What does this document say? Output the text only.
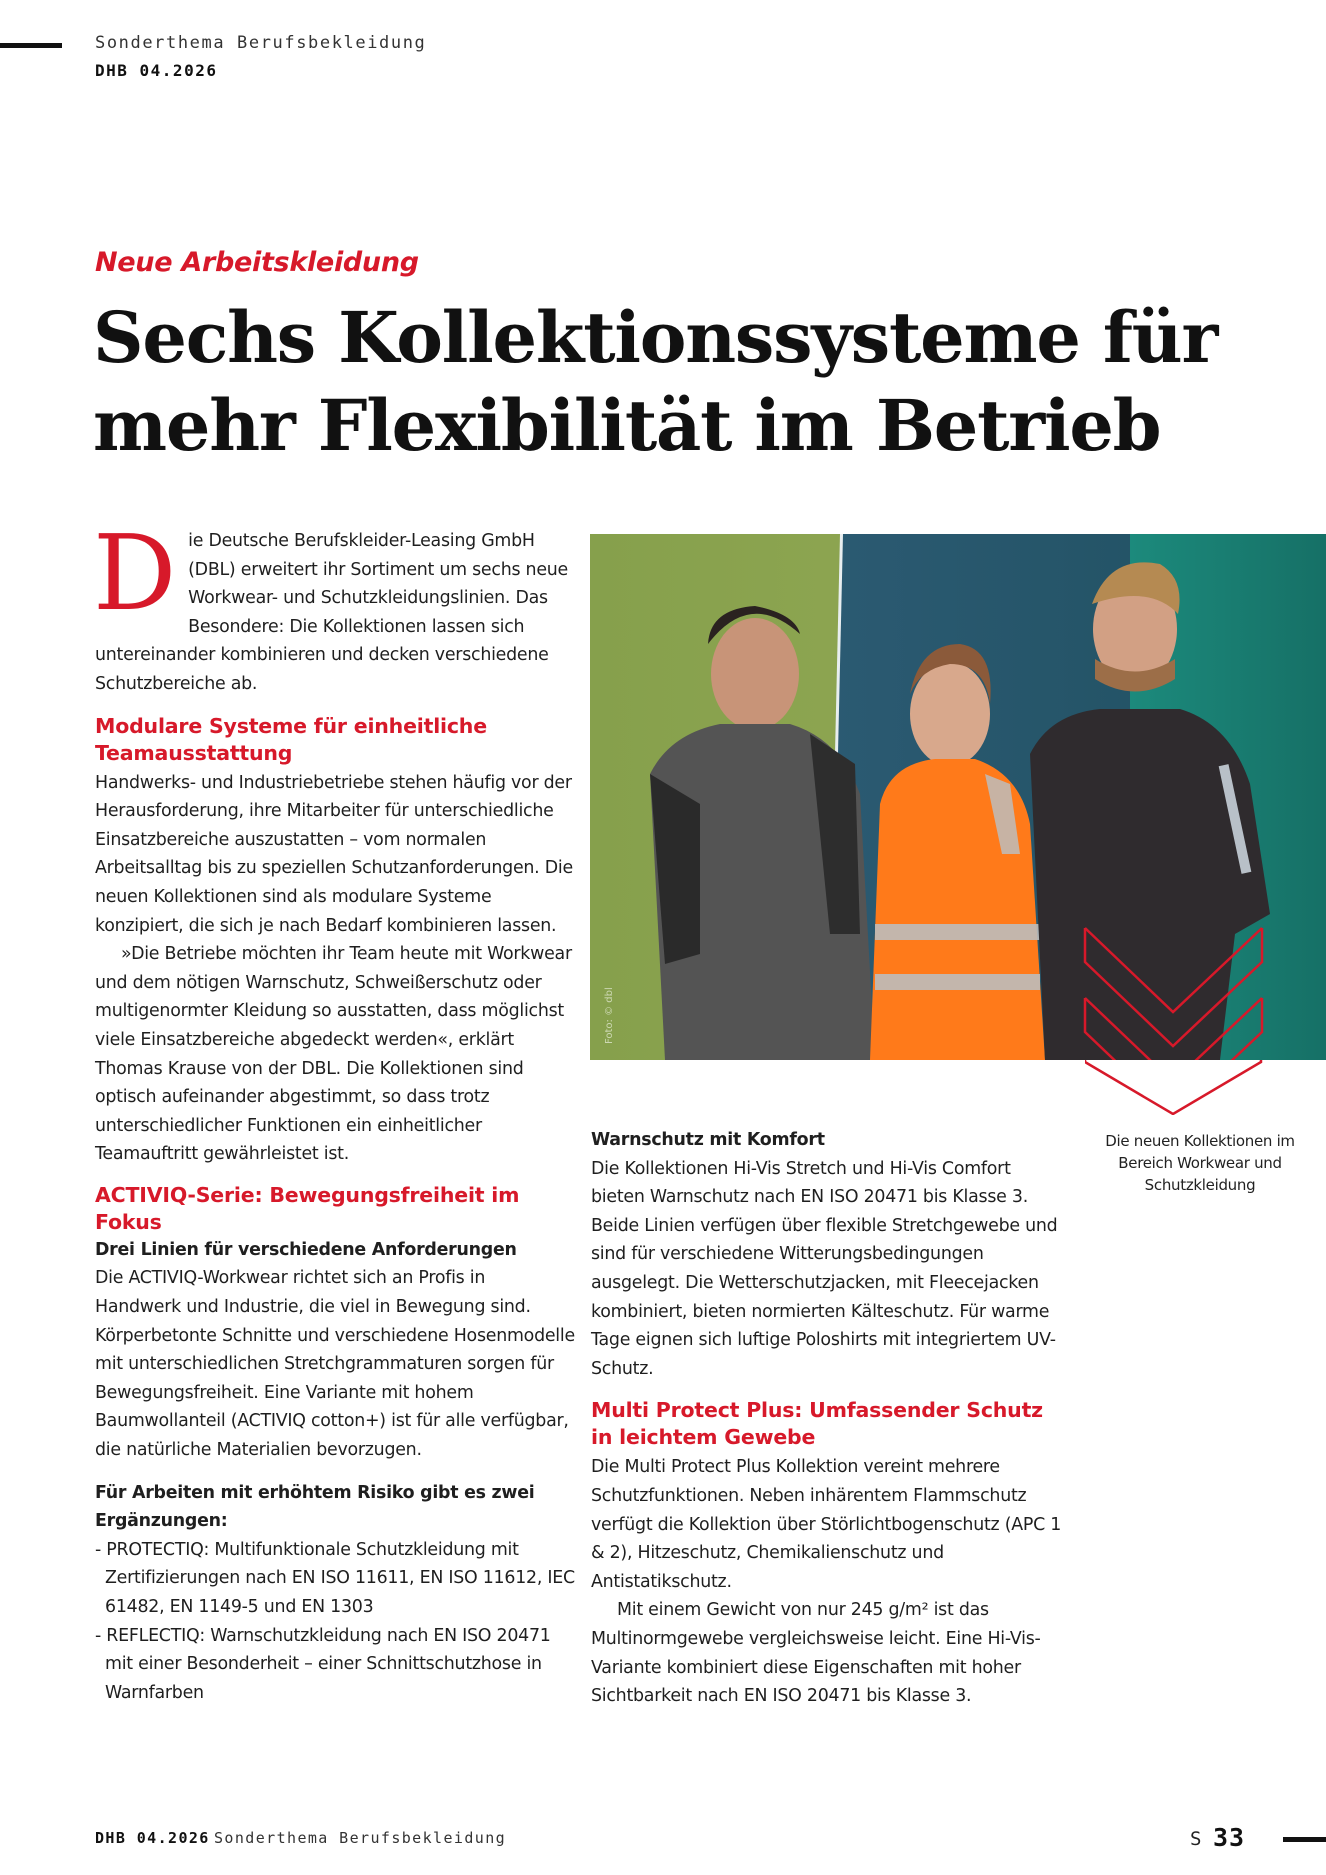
Sonderthema Berufsbekleidung
DHB 04.2026
Neue Arbeitskleidung
Sechs Kollektionssysteme für
mehr Flexibilität im Betrieb

Die Deutsche Berufskleider-Leasing GmbH (DBL) erweitert ihr Sortiment um sechs neue Workwear- und Schutzkleidungslinien. Das Besondere: Die Kollektionen lassen sich untereinander kombinieren und decken verschiedene Schutzbereiche ab.

Modulare Systeme für einheitliche Teamausstattung

Handwerks- und Industriebetriebe stehen häufig vor der Herausforderung, ihre Mitarbeiter für unterschiedliche Einsatzbereiche auszustatten – vom normalen Arbeitsalltag bis zu speziellen Schutzanforderungen. Die neuen Kollektionen sind als modulare Systeme konzipiert, die sich je nach Bedarf kombinieren lassen.

»Die Betriebe möchten ihr Team heute mit Workwear und dem nötigen Warnschutz, Schweißerschutz oder multigenormter Kleidung so ausstatten, dass möglichst viele Einsatzbereiche abgedeckt werden«, erklärt Thomas Krause von der DBL. Die Kollektionen sind optisch aufeinander abgestimmt, so dass trotz unterschiedlicher Funktionen ein einheitlicher Teamauftritt gewährleistet ist.

ACTIVIQ-Serie: Bewegungsfreiheit im Fokus

Drei Linien für verschiedene Anforderungen

Die ACTIVIQ-Workwear richtet sich an Profis in Handwerk und Industrie, die viel in Bewegung sind. Körperbetonte Schnitte und verschiedene Hosenmodelle mit unterschiedlichen Stretchgrammaturen sorgen für Bewegungsfreiheit. Eine Variante mit hohem Baumwollanteil (ACTIVIQ cotton+) ist für alle verfügbar, die natürliche Materialien bevorzugen.

Für Arbeiten mit erhöhtem Risiko gibt es zwei Ergänzungen:

- PROTECTIQ: Multifunktionale Schutzkleidung mit Zertifizierungen nach EN ISO 11611, EN ISO 11612, IEC 61482, EN 1149-5 und EN 1303

- REFLECTIQ: Warnschutzkleidung nach EN ISO 20471 mit einer Besonderheit – einer Schnittschutzhose in Warnfarben

Foto: © dbl
Die neuen Kollektionen im Bereich Workwear und Schutzkleidung

Warnschutz mit Komfort

Die Kollektionen Hi-Vis Stretch und Hi-Vis Comfort bieten Warnschutz nach EN ISO 20471 bis Klasse 3. Beide Linien verfügen über flexible Stretchgewebe und sind für verschiedene Witterungsbedingungen ausgelegt. Die Wetterschutzjacken, mit Fleecejacken kombiniert, bieten normierten Kälteschutz. Für warme Tage eignen sich luftige Poloshirts mit integriertem UV-Schutz.

Multi Protect Plus: Umfassender Schutz in leichtem Gewebe

Die Multi Protect Plus Kollektion vereint mehrere Schutzfunktionen. Neben inhärentem Flammschutz verfügt die Kollektion über Störlichtbogenschutz (APC 1 & 2), Hitzeschutz, Chemikalienschutz und Antistatikschutz.

Mit einem Gewicht von nur 245 g/m² ist das Multinormgewebe vergleichsweise leicht. Eine Hi-Vis-Variante kombiniert diese Eigenschaften mit hoher Sichtbarkeit nach EN ISO 20471 bis Klasse 3.

DHB 04.2026 Sonderthema Berufsbekleidung	S 33
